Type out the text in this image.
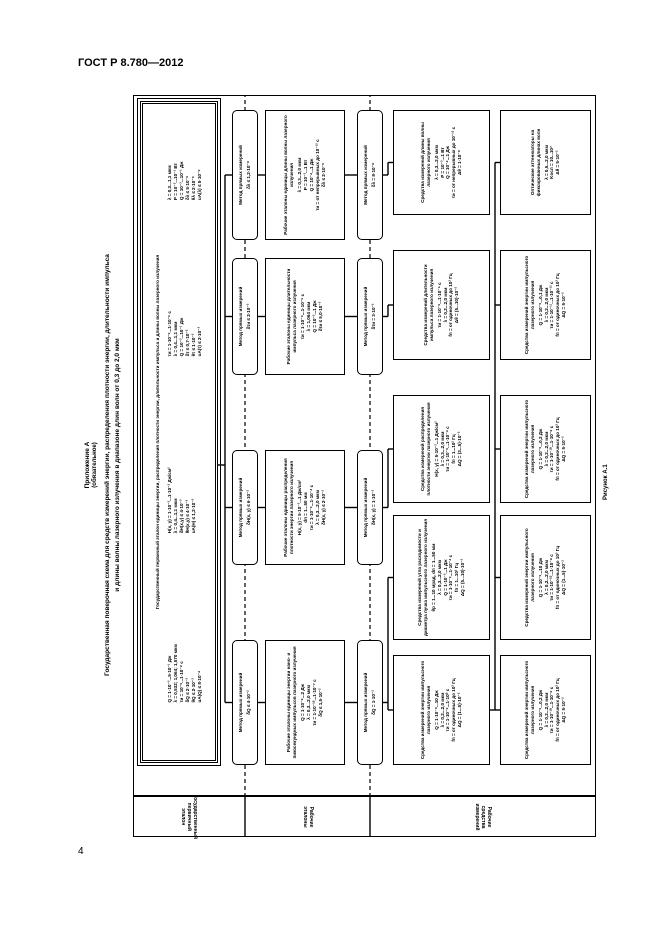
ГОСТ Р 8.780—2012
4
Приложение А (обязательное) Государственная поверочная схема для средств измерений энергии, распределения плотности энергии, длительности импульса и длины волны лазерного излучения в диапазоне длин волн от 0,3 до 2,0 мкм
Государственный первичный эталон	Рабочие эталоны	Рабочие средства измерений
Государственный первичный эталон единицы энергии, распределения плотности энергии, длительности импульса и длины волны лазерного излучения
Q = 1·10⁻³...5·10⁻¹ Дж λ = 0,532; 1,064; 1,570 мкм τи = 10⁻⁹...1·10⁻⁸ с δQ ≤ 2·10⁻³ θQ ≤ 2·10⁻³ uA(Q) ≤ 8·10⁻⁴
H(x, y) = 1·10⁻³...1·10⁻² Дж/см² λ = 0,4...1,1 мкм δH(x,y) ≤ 4·10⁻³ θH(x,y) ≤ 4·10⁻³ uA(H) ≤ 1,2·10⁻³
τи = 1·10⁻⁹...1·10⁻⁶ с λ = 0,4...1,1 мкм Q = 10⁻³...10⁻¹ Дж δτ ≤ 0,7·10⁻² θτ ≤ 1·10⁻² uA(τ) ≤ 2·10⁻³
λ = 0,3...1,1 мкм P = 10⁻³...10⁻¹ Вт Q = 10⁻³...10⁻¹ Дж δλ ≤ 5·10⁻⁹ θλ ≤ 2·10⁻⁹ uA(λ) ≤ 5·10⁻⁹
Метод прямых измерений δQ ≤ 4·10⁻²	Рабочие эталоны единицы энергии нано- и пикосекундных импульсов лазерного излучения Q = 1·10⁻⁸...2 Дж λ = 0,3...2,0 мкм τи = 1·10⁻¹⁰...1·10⁻⁷ с δQ ≤ 1,5·10⁻²	Метод прямых измерений δQ = 1·10⁻²
Метод прямых измерений δH(x, y) ≤ 6·10⁻²	Рабочие эталоны единицы распределения плотности энергии лазерного излучения H(x, y) = 5·10⁻³...1 Дж/см² dп = 1...50 мм τи = 1·10⁻⁹...1·10⁻⁴ с λ = 0,3...2,0 мкм δH(x, y) ≤ 2·10⁻²	Метод прямых измерений δH(x, y) = 1·10⁻²
Метод прямых измерений δτи ≤ 2·10⁻²	Рабочие эталоны единицы длительности импульса лазерного излучения τи = 1·10⁻⁹...1·10⁻⁶ с λ = 1,064 мкм Q = 10⁻³...1 Дж δτи ≤ 5,0·10⁻³	Метод прямых измерений δτи = 3·10⁻²
Метод прямых измерений δλ ≤ 1,2·10⁻⁸	Рабочие эталоны единицы длины волны лазерного излучения λ = 0,3...2,0 мкм P = 10⁻³...1 Вт Q = 10⁻⁴...1 Дж τи = от непрерывных до 10⁻¹² с δλ ≤ 2·10⁻⁹	Метод прямых измерений δλ = 8·10⁻⁸
Средства измерений энергии импульсного лазерного излучения Q = 1·10⁻⁹...10 Дж λ = 0,2...2,0 мкм τи = 1·10⁻⁹...1·10⁰ с fп = от одиночных до 10³ Гц ΔQ = (1...5)·10⁻²	Средства измерений энергии импульсного лазерного излучения Q = 1·10⁻⁹...0,2 Дж λ = 0,2...2,0 мкм τи = 1·10⁻¹⁰...1·10⁻⁸ с fп = от одиночных до 10³ Гц ΔQ = 5·10⁻²
Средства измерений угла расходимости и диаметра пучка импульсного лазерного излучения θр = 1...10 мрад, dп = 1...50 мм λ = 0,3...2,0 мкм Q = 1·10⁻³...1 Дж τи = 1·10⁻⁹...1·10⁻⁴ с fп = 1...10² Гц ΔQ = (5...10)·10⁻²	Средства измерений энергии импульсного лазерного излучения Q = 1·10⁻⁹...10 Дж λ = 0,2...2,0 мкм τи = 1·10⁻¹⁰...1·10⁻⁸ с fп = от одиночных до 10³ Гц ΔQ = (1...5)·10⁻²
Средства измерений распределения плотности энергии лазерного излучения H(x, y) = 5·10⁻³...1 Дж/см² λ = 0,3...2,0 мкм τи = 1·10⁻⁹...1·10⁻⁴ с fп = 1...10² Гц ΔQ = (3...5)·10⁻²	Средства измерений энергии импульсного лазерного излучения Q = 1·10⁻⁹...0,2 Дж λ = 0,2...2,0 мкм τи = 1·10⁻¹⁰...1·10⁻⁸ с fп = от одиночных до 10³ Гц ΔQ = 5·10⁻²
Средства измерений длительности импульса лазерного излучения τи = 1·10⁻⁹...1·10⁻⁶ с λ = 0,2...2,0 мкм fп = от одиночных до 10³ Гц Δθ = (5...10)·10⁻²	Средства измерений энергии импульсного лазерного излучения Q = 1·10⁻⁹...0,1 Дж λ = 0,2...2,0 мкм τи = 1·10⁻¹¹...1·10⁻¹² с fп = от одиночных до 10³ Гц ΔQ = 5·10⁻²
Средства измерений длины волны лазерного излучения λ = 0,3...2,0 мкм P = 10⁻³...1 Вт Q = 10⁻⁴...1 Дж τи = от непрерывных до 10⁻¹² с Δθ = 1·10⁻⁸	Оптические аттенюаторы на фиксированных длинах волн λ = 0,5...2,0 мкм Kосл = 10...10⁷ Δθ = 5·10⁻²
Рисунок А.1
